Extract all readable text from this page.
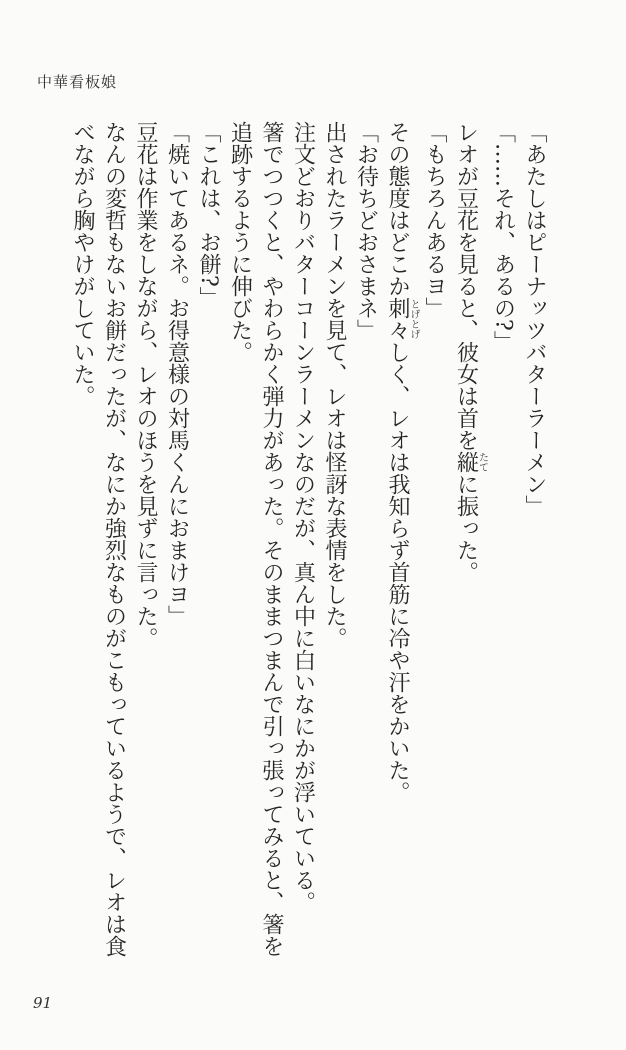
中華看板娘

「あたしはピーナッツバターラーメン」

「……それ、あるの?」

レオが豆花を見ると、彼女は首を縦たてに振った。

「もちろんあるヨ」

その態度はどこか刺々とげとげしく、レオは我知らず首筋に冷や汗をかいた。

「お待ちどおさまネ」

出されたラーメンを見て、レオは怪訝な表情をした。

注文どおりバターコーンラーメンなのだが、真ん中に白いなにかが浮いている。

箸でつつくと、やわらかく弾力があった。そのままつまんで引っ張ってみると、箸を追跡するように伸びた。

「これは、お餅?」

「焼いてあるネ。お得意様の対馬くんにおまけヨ」

豆花は作業をしながら、レオのほうを見ずに言った。

なんの変哲もないお餅だったが、なにか強烈なものがこもっているようで、レオは食べながら胸やけがしていた。

91
